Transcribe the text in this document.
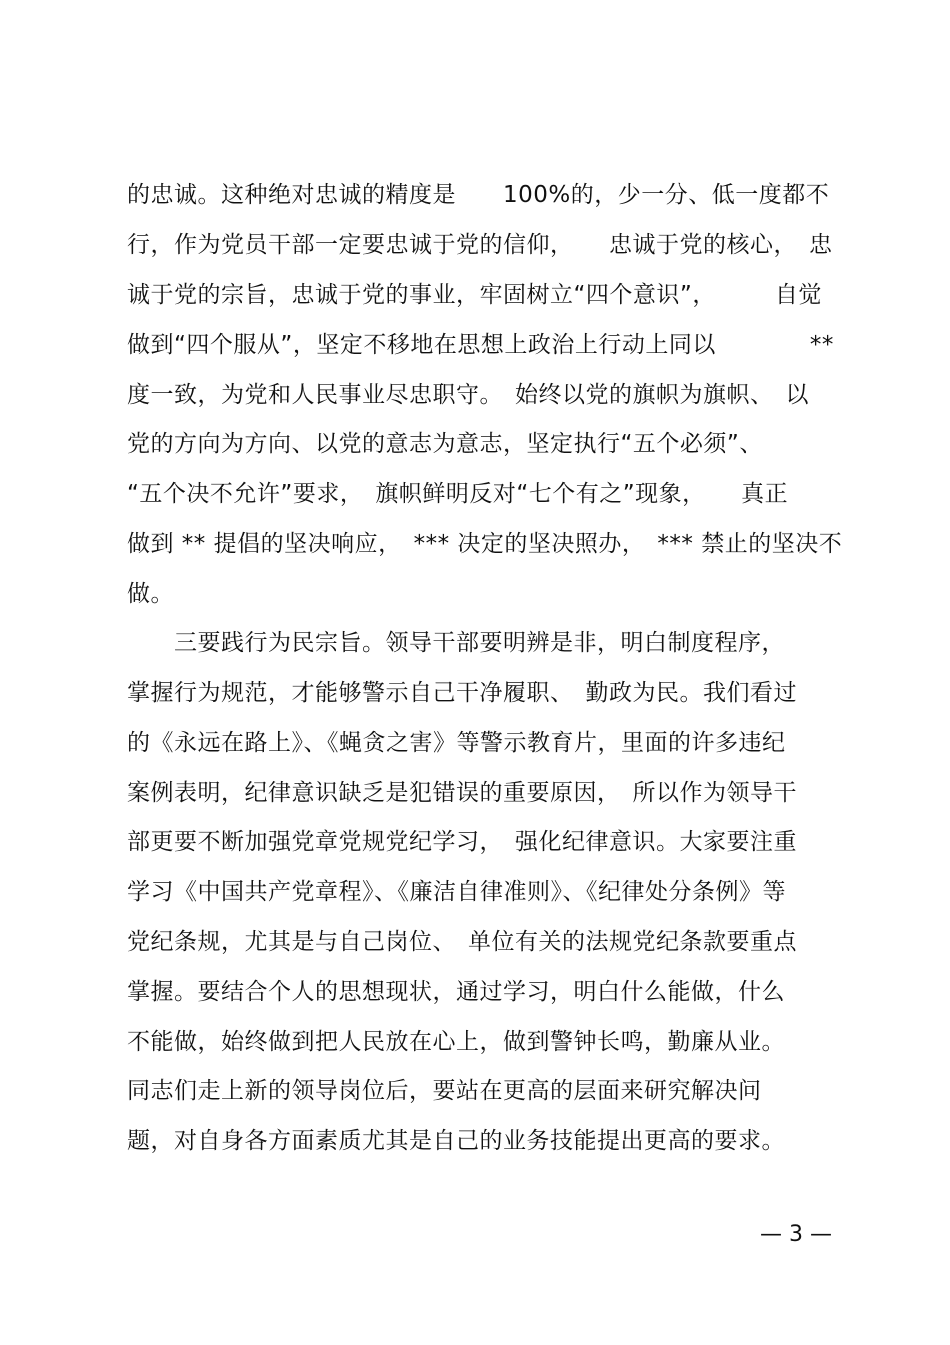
的忠诚。这种绝对忠诚的精度是　　100%的，少一分、低一度都不
行，作为党员干部一定要忠诚于党的信仰，　　忠诚于党的核心，　忠
诚于党的宗旨，忠诚于党的事业，牢固树立“四个意识”，　　　自觉
做到“四个服从”，坚定不移地在思想上政治上行动上同以　　　　**
度一致，为党和人民事业尽忠职守。　始终以党的旗帜为旗帜、　以
党的方向为方向、以党的意志为意志，坚定执行“五个必须”、
“五个决不允许”要求，　旗帜鲜明反对“七个有之”现象，　　真正
做到 ** 提倡的坚决响应，　*** 决定的坚决照办，　*** 禁止的坚决不
做。
　　三要践行为民宗旨。领导干部要明辨是非，明白制度程序，
掌握行为规范，才能够警示自己干净履职、　勤政为民。我们看过
的《永远在路上》、《蝇贪之害》等警示教育片，里面的许多违纪
案例表明，纪律意识缺乏是犯错误的重要原因，　所以作为领导干
部更要不断加强党章党规党纪学习，　强化纪律意识。大家要注重
学习《中国共产党章程》、《廉洁自律准则》、《纪律处分条例》等
党纪条规，尤其是与自己岗位、　单位有关的法规党纪条款要重点
掌握。要结合个人的思想现状，通过学习，明白什么能做，什么
不能做，始终做到把人民放在心上，做到警钟长鸣，勤廉从业。
同志们走上新的领导岗位后，要站在更高的层面来研究解决问
题，对自身各方面素质尤其是自己的业务技能提出更高的要求。
— 3 —
